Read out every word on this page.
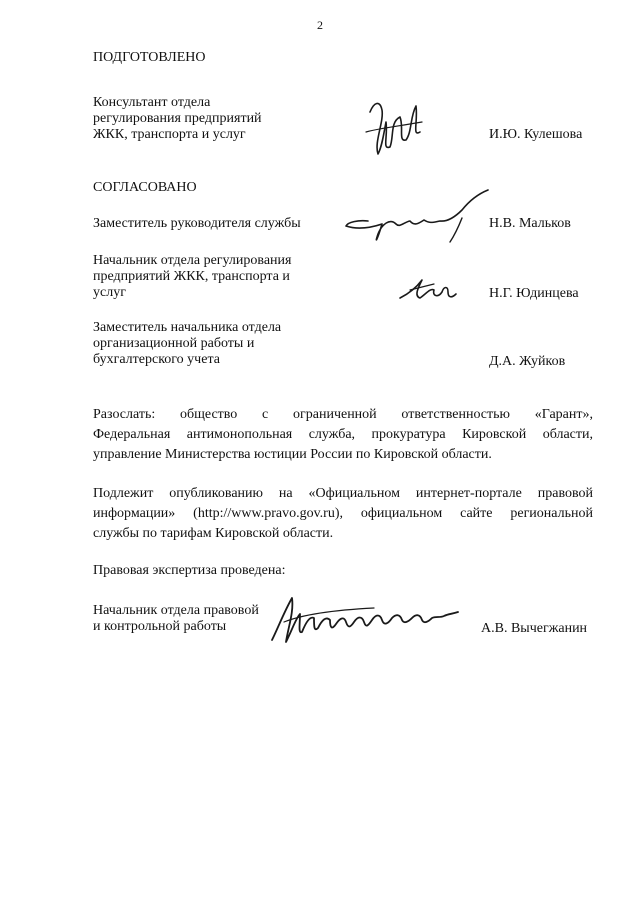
2
ПОДГОТОВЛЕНО
Консультант отдела
регулирования предприятий
ЖКК, транспорта и услуг	И.Ю. Кулешова
СОГЛАСОВАНО
Заместитель руководителя службы	Н.В. Мальков
Начальник отдела регулирования
предприятий ЖКК, транспорта и
услуг	Н.Г. Юдинцева
Заместитель начальника отдела
организационной работы и
бухгалтерского учета	Д.А. Жуйков
Разослать: общество с ограниченной ответственностью «Гарант»,
Федеральная антимонопольная служба, прокуратура Кировской области,
управление Министерства юстиции России по Кировской области.
Подлежит опубликованию на «Официальном интернет-портале правовой
информации» (http://www.pravo.gov.ru), официальном сайте региональной
службы по тарифам Кировской области.
Правовая экспертиза проведена:
Начальник отдела правовой
и контрольной работы	А.В. Вычегжанин
